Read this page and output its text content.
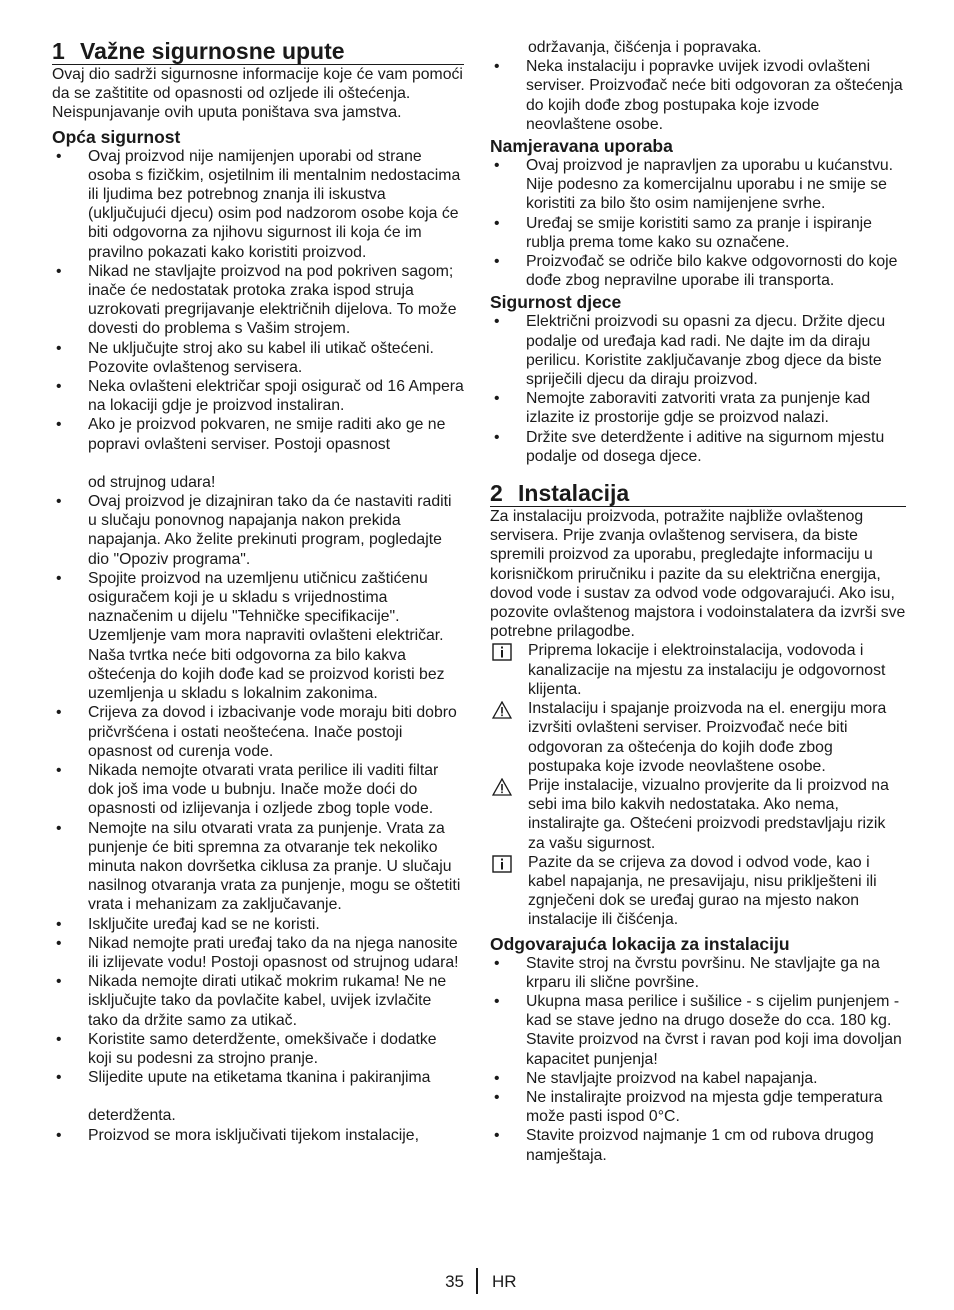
1 Važne sigurnosne upute

Ovaj dio sadrži sigurnosne informacije koje će vam pomoći da se zaštitite od opasnosti od ozljede ili oštećenja. Neispunjavanje ovih uputa poništava sva jamstva.

Opća sigurnost
• Ovaj proizvod nije namijenjen uporabi od strane osoba s fizičkim, osjetilnim ili mentalnim nedostacima ili ljudima bez potrebnog znanja ili iskustva (uključujući djecu) osim pod nadzorom osobe koja će biti odgovorna za njihovu sigurnost ili koja će im pravilno pokazati kako koristiti proizvod.
• Nikad ne stavljajte proizvod na pod pokriven sagom; inače će nedostatak protoka zraka ispod struja uzrokovati pregrijavanje električnih dijelova. To može dovesti do problema s Vašim strojem.
• Ne uključujte stroj ako su kabel ili utikač oštećeni. Pozovite ovlaštenog servisera.
• Neka ovlašteni električar spoji osigurač od 16 Ampera na lokaciji gdje je proizvod instaliran.
• Ako je proizvod pokvaren, ne smije raditi ako ge ne popravi ovlašteni serviser. Postoji opasnost

od strujnog udara!

• Ovaj proizvod je dizajniran tako da će nastaviti raditi u slučaju ponovnog napajanja nakon prekida napajanja. Ako želite prekinuti program, pogledajte dio "Opoziv programa".
• Spojite proizvod na uzemljenu utičnicu zaštićenu osiguračem koji je u skladu s vrijednostima naznačenim u dijelu "Tehničke specifikacije". Uzemljenje vam mora napraviti ovlašteni električar. Naša tvrtka neće biti odgovorna za bilo kakva oštećenja do kojih dođe kad se proizvod koristi bez uzemljenja u skladu s lokalnim zakonima.
• Crijeva za dovod i izbacivanje vode moraju biti dobro pričvršćena i ostati neoštećena. Inače postoji opasnost od curenja vode.
• Nikada nemojte otvarati vrata perilice ili vaditi filtar dok još ima vode u bubnju. Inače može doći do opasnosti od izlijevanja i ozljede zbog tople vode.
• Nemojte na silu otvarati vrata za punjenje. Vrata za punjenje će biti spremna za otvaranje tek nekoliko minuta nakon dovršetka ciklusa za pranje. U slučaju nasilnog otvaranja vrata za punjenje, mogu se oštetiti vrata i mehanizam za zaključavanje.
• Isključite uređaj kad se ne koristi.
• Nikad nemojte prati uređaj tako da na njega nanosite ili izlijevate vodu! Postoji opasnost od strujnog udara!
• Nikada nemojte dirati utikač mokrim rukama! Ne ne isključujte tako da povlačite kabel, uvijek izvlačite tako da držite samo za utikač.
• Koristite samo deterdžente, omekšivače i dodatke koji su podesni za strojno pranje.
• Slijedite upute na etiketama tkanina i pakiranjima

deterdženta.

• Proizvod se mora isključivati tijekom instalacije,

održavanja, čišćenja i popravaka.

• Neka instalaciju i popravke uvijek izvodi ovlašteni serviser. Proizvođač neće biti odgovoran za oštećenja do kojih dođe zbog postupaka koje izvode neovlaštene osobe.
Namjeravana uporaba
• Ovaj proizvod je napravljen za uporabu u kućanstvu. Nije podesno za komercijalnu uporabu i ne smije se koristiti za bilo što osim namijenjene svrhe.
• Uređaj se smije koristiti samo za pranje i ispiranje rublja prema tome kako su označene.
• Proizvođač se odriče bilo kakve odgovornosti do koje dođe zbog nepravilne uporabe ili transporta.
Sigurnost djece
• Električni proizvodi su opasni za djecu. Držite djecu podalje od uređaja kad radi. Ne dajte im da diraju perilicu. Koristite zaključavanje zbog djece da biste spriječili djecu da diraju proizvod.
• Nemojte zaboraviti zatvoriti vrata za punjenje kad izlazite iz prostorije gdje se proizvod nalazi.
• Držite sve deterdžente i aditive na sigurnom mjestu podalje od dosega djece.
2 Instalacija

Za instalaciju proizvoda, potražite najbliže ovlaštenog servisera. Prije zvanja ovlaštenog servisera, da biste spremili proizvod za uporabu, pregledajte informaciju u korisničkom priručniku i pazite da su električna energija, dovod vode i sustav za odvod vode odgovarajući. Ako isu, pozovite ovlaštenog majstora i vodoinstalatera da izvrši sve potrebne prilagodbe.

Priprema lokacije i elektroinstalacija, vodovoda i kanalizacije na mjestu za instalaciju je odgovornost klijenta.
Instalaciju i spajanje proizvoda na el. energiju mora izvršiti ovlašteni serviser. Proizvođač neće biti odgovoran za oštećenja do kojih dođe zbog postupaka koje izvode neovlaštene osobe.
Prije instalacije, vizualno provjerite da li proizvod na sebi ima bilo kakvih nedostataka. Ako nema, instalirajte ga. Oštećeni proizvodi predstavljaju rizik za vašu sigurnost.
Pazite da se crijeva za dovod i odvod vode, kao i kabel napajanja, ne presavijaju, nisu priklješteni ili zgnječeni dok se uređaj gurao na mjesto nakon instalacije ili čišćenja.
Odgovarajuća lokacija za instalaciju
• Stavite stroj na čvrstu površinu. Ne stavljajte ga na krparu ili slične površine.
• Ukupna masa perilice i sušilice - s cijelim punjenjem - kad se stave jedno na drugo doseže do cca. 180 kg. Stavite proizvod na čvrst i ravan pod koji ima dovoljan kapacitet punjenja!
• Ne stavljajte proizvod na kabel napajanja.
• Ne instalirajte proizvod na mjesta gdje temperatura može pasti ispod 0°C.
• Stavite proizvod najmanje 1 cm od rubova drugog namještaja.
35 HR
